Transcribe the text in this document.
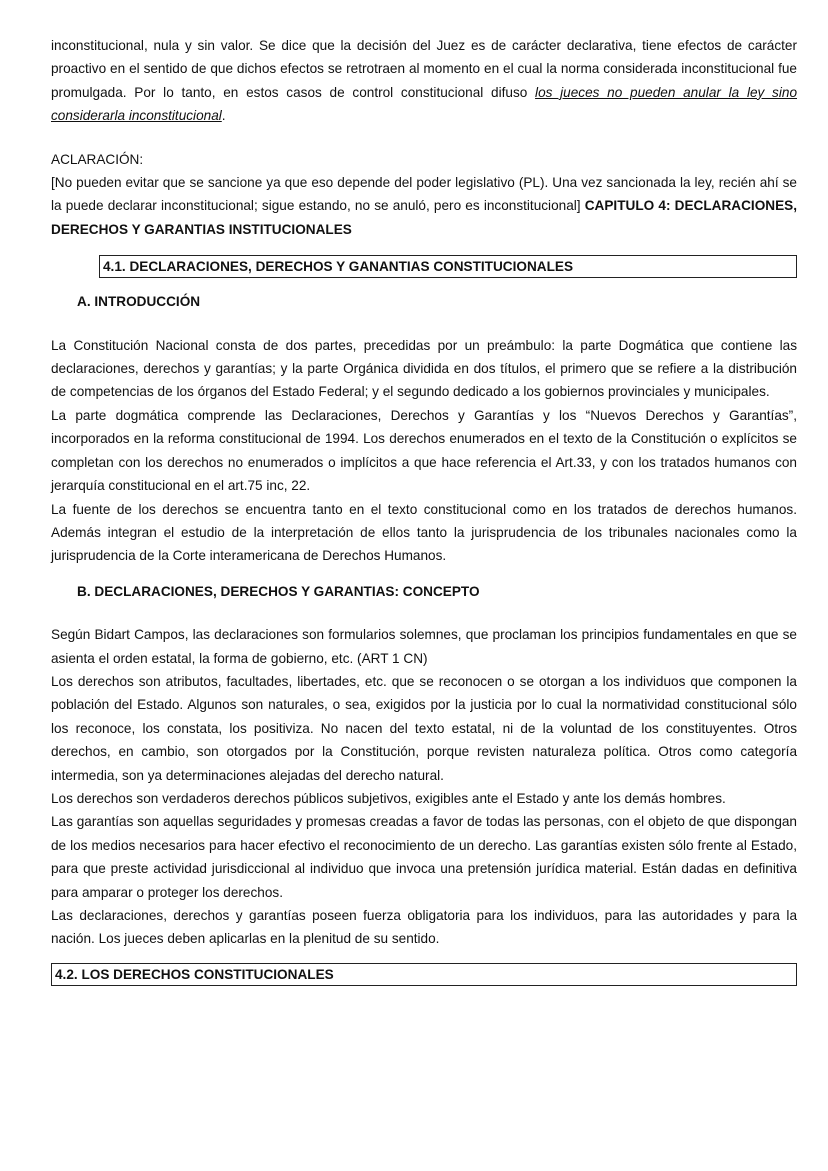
inconstitucional, nula y sin valor. Se dice que la decisión del Juez es de carácter declarativa, tiene efectos de carácter proactivo en el sentido de que dichos efectos se retrotraen al momento en el cual la norma considerada inconstitucional fue promulgada. Por lo tanto, en estos casos de control constitucional difuso los jueces no pueden anular la ley sino considerarla inconstitucional.

ACLARACIÓN:

[No pueden evitar que se sancione ya que eso depende del poder legislativo (PL). Una vez sancionada la ley, recién ahí se la puede declarar inconstitucional; sigue estando, no se anuló, pero es inconstitucional] CAPITULO 4: DECLARACIONES, DERECHOS Y GARANTIAS INSTITUCIONALES

4.1. DECLARACIONES, DERECHOS Y GANANTIAS CONSTITUCIONALES

A. INTRODUCCIÓN

La Constitución Nacional consta de dos partes, precedidas por un preámbulo: la parte Dogmática que contiene las declaraciones, derechos y garantías; y la parte Orgánica dividida en dos títulos, el primero que se refiere a la distribución de competencias de los órganos del Estado Federal; y el segundo dedicado a los gobiernos provinciales y municipales.

La parte dogmática comprende las Declaraciones, Derechos y Garantías y los “Nuevos Derechos y Garantías”, incorporados en la reforma constitucional de 1994. Los derechos enumerados en el texto de la Constitución o explícitos se completan con los derechos no enumerados o implícitos a que hace referencia el Art.33, y con los tratados humanos con jerarquía constitucional en el art.75 inc, 22.

La fuente de los derechos se encuentra tanto en el texto constitucional como en los tratados de derechos humanos. Además integran el estudio de la interpretación de ellos tanto la jurisprudencia de los tribunales nacionales como la jurisprudencia de la Corte interamericana de Derechos Humanos.

B. DECLARACIONES, DERECHOS Y GARANTIAS: CONCEPTO

Según Bidart Campos, las declaraciones son formularios solemnes, que proclaman los principios fundamentales en que se asienta el orden estatal, la forma de gobierno, etc. (ART 1 CN)

Los derechos son atributos, facultades, libertades, etc. que se reconocen o se otorgan a los individuos que componen la población del Estado. Algunos son naturales, o sea, exigidos por la justicia por lo cual la normatividad constitucional sólo los reconoce, los constata, los positiviza. No nacen del texto estatal, ni de la voluntad de los constituyentes. Otros derechos, en cambio, son otorgados por la Constitución, porque revisten naturaleza política. Otros como categoría intermedia, son ya determinaciones alejadas del derecho natural.

Los derechos son verdaderos derechos públicos subjetivos, exigibles ante el Estado y ante los demás hombres.

Las garantías son aquellas seguridades y promesas creadas a favor de todas las personas, con el objeto de que dispongan de los medios necesarios para hacer efectivo el reconocimiento de un derecho. Las garantías existen sólo frente al Estado, para que preste actividad jurisdiccional al individuo que invoca una pretensión jurídica material. Están dadas en definitiva para amparar o proteger los derechos.

Las declaraciones, derechos y garantías poseen fuerza obligatoria para los individuos, para las autoridades y para la nación. Los jueces deben aplicarlas en la plenitud de su sentido.

4.2. LOS DERECHOS CONSTITUCIONALES
